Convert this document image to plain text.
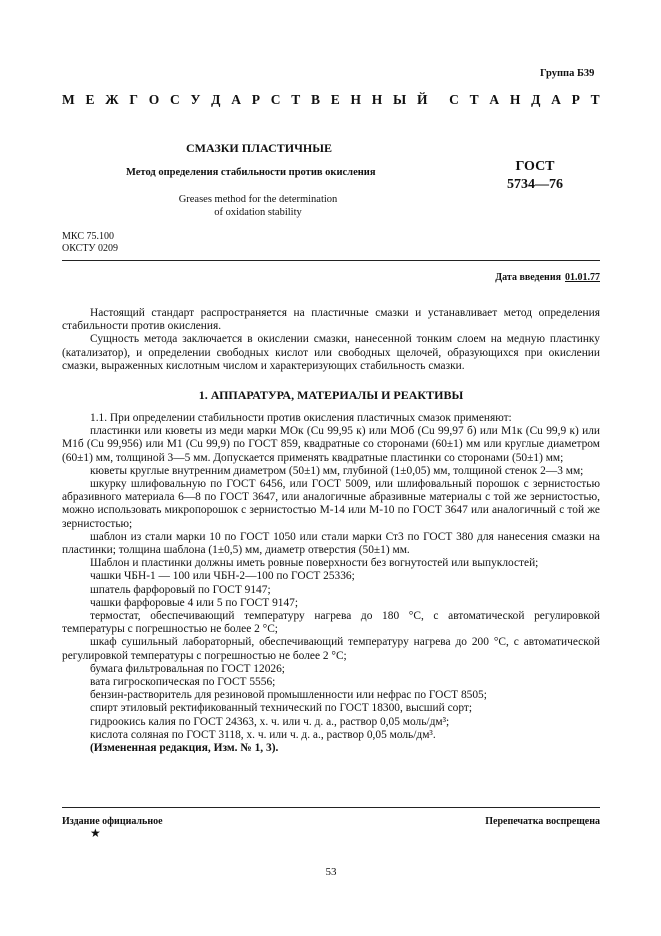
Группа Б39
М Е Ж Г О С У Д А Р С Т В Е Н Н Ы Й С Т А Н Д А Р Т
СМАЗКИ ПЛАСТИЧНЫЕ
Метод определения стабильности против окисления
Greases method for the determination
of oxidation stability
ГОСТ
5734—76
МКС 75.100
ОКСТУ 0209
Дата введения 01.01.77

Настоящий стандарт распространяется на пластичные смазки и устанавливает метод определения стабильности против окисления.

Сущность метода заключается в окислении смазки, нанесенной тонким слоем на медную пластинку (катализатор), и определении свободных кислот или свободных щелочей, образующихся при окислении смазки, выраженных кислотным числом и характеризующих стабильность смазки.

1. АППАРАТУРА, МАТЕРИАЛЫ И РЕАКТИВЫ

1.1. При определении стабильности против окисления пластичных смазок применяют:

пластинки или кюветы из меди марки МОк (Cu 99,95 к) или МОб (Cu 99,97 б) или М1к (Cu 99,9 к) или М1б (Cu 99,956) или М1 (Cu 99,9) по ГОСТ 859, квадратные со сторонами (60±1) мм или круглые диаметром (60±1) мм, толщиной 3—5 мм. Допускается применять квадратные пластинки со сторонами (50±1) мм;

кюветы круглые внутренним диаметром (50±1) мм, глубиной (1±0,05) мм, толщиной стенок 2—3 мм;

шкурку шлифовальную по ГОСТ 6456, или ГОСТ 5009, или шлифовальный порошок с зернистостью абразивного материала 6—8 по ГОСТ 3647, или аналогичные абразивные материалы с той же зернистостью, можно использовать микропорошок с зернистостью М-14 или М-10 по ГОСТ 3647 или аналогичный с той же зернистостью;

шаблон из стали марки 10 по ГОСТ 1050 или стали марки Ст3 по ГОСТ 380 для нанесения смазки на пластинки; толщина шаблона (1±0,5) мм, диаметр отверстия (50±1) мм.

Шаблон и пластинки должны иметь ровные поверхности без вогнутостей или выпуклостей;

чашки ЧБН-1 — 100 или ЧБН-2—100 по ГОСТ 25336;

шпатель фарфоровый по ГОСТ 9147;

чашки фарфоровые 4 или 5 по ГОСТ 9147;

термостат, обеспечивающий температуру нагрева до 180 °С, с автоматической регулировкой температуры с погрешностью не более 2 °С;

шкаф сушильный лабораторный, обеспечивающий температуру нагрева до 200 °С, с автоматической регулировкой температуры с погрешностью не более 2 °С;

бумага фильтровальная по ГОСТ 12026;

вата гигроскопическая по ГОСТ 5556;

бензин-растворитель для резиновой промышленности или нефрас по ГОСТ 8505;

спирт этиловый ректификованный технический по ГОСТ 18300, высший сорт;

гидроокись калия по ГОСТ 24363, х. ч. или ч. д. а., раствор 0,05 моль/дм³;

кислота соляная по ГОСТ 3118, х. ч. или ч. д. а., раствор 0,05 моль/дм³.

(Измененная редакция, Изм. № 1, 3).

Издание официальное
★
Перепечатка воспрещена
53
